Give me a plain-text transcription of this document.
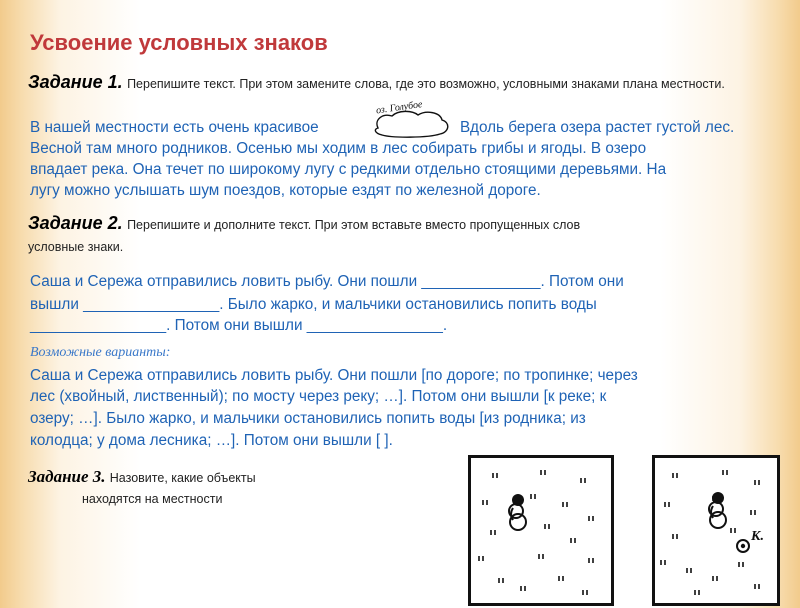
Усвоение условных знаков
Задание 1. Перепишите текст. При этом замените слова, где это возможно, условными знаками плана местности.
В нашей местности есть очень красивое
оз. Голубое
Вдоль берега озера растет густой лес.
Весной там много родников. Осенью мы ходим в лес собирать грибы и ягоды. В озеро
впадает река. Она течет по широкому лугу с редкими отдельно стоящими деревьями. На
лугу можно услышать шум поездов, которые ездят по железной дороге.
Задание 2. Перепишите и дополните текст. При этом вставьте вместо пропущенных слов
условные знаки.
Саша и Сережа отправились ловить рыбу. Они пошли ______________. Потом они
вышли ________________. Было жарко, и мальчики остановились попить воды
________________. Потом они вышли ________________.
Возможные варианты:
Саша и Сережа отправились ловить рыбу. Они пошли [по дороге; по тропинке; через
лес (хвойный, лиственный); по мосту через реку; …]. Потом они вышли [к реке; к
озеру; …]. Было жарко, и мальчики остановились попить воды [из родника; из
колодца; у дома лесника; …]. Потом они вышли [ ].
Задание 3. Назовите, какие объекты
находятся на местности
К.
